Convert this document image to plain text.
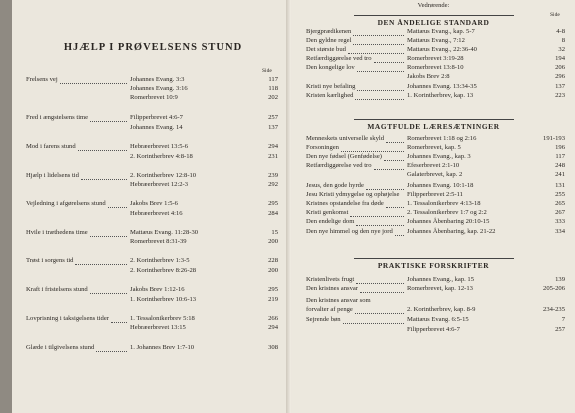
HJÆLP I PRØVELSENS STUND
Side
Frelsens vej	Johannes Evang. 3:3	117
Johannes Evang. 3:16	118
Romerbrevet 10:9	202
Fred i ængstelsens time	Filipperbrevet 4:6-7	257
Johannes Evang. 14	137
Mod i farens stund	Hebræerbrevet 13:5-6	294
2. Korintherbrev 4:8-18	231
Hjælp i lidelsens tid	2. Korintherbrev 12:8-10	239
Hebræerbrevet 12:2-3	292
Vejledning i afgørelsens stund	Jakobs Brev 1:5-6	295
Hebræerbrevet 4:16	284
Hvile i træthedens time	Mattæus Evang. 11:28-30	15
Romerbrevet 8:31-39	200
Trøst i sorgens tid	2. Korintherbrev 1:3-5	228
2. Korintherbrev 8:26-28	200
Kraft i fristelsens stund	Jakobs Brev 1:12-16	295
1. Korintherbrev 10:6-13	219
Lovprisning i taksigelsens tider	1. Tessalonikerbrev 5:18	266
Hebræerbrevet 13:15	294
Glæde i tilgivelsens stund	1. Johannes Brev 1:7-10	308
Vedrørende:
Side
DEN ÅNDELIGE STANDARD
Bjergprædikenen	Mattæus Evang., kap. 5-7	4-8
Den gyldne regel	Mattæus Evang., 7:12	8
Det største bud	Mattæus Evang., 22:36-40	32
Retfærdiggørelse ved tro	Romerbrevet 3:19-28	194
Den kongelige lov	Romerbrevet 13:8-10	206
Jakobs Brev 2:8	296
Kristi nye befaling	Johannes Evang. 13:34-35	137
Kristen kærlighed	1. Korintherbrev, kap. 13	223
MAGTFULDE LÆRESÆTNINGER
Menneskets universelle skyld	Romerbrevet 1:18 og 2:16	191-193
Forsoningen	Romerbrevet, kap. 5	196
Den nye fødsel (Genfødelse)	Johannes Evang., kap. 3	117
Retfærdiggørelse ved tro	Efeserbrevet 2:1-10	248
Galaterbrevet, kap. 2	241
Jesus, den gode hyrde	Johannes Evang. 10:1-18	131
Jesu Kristi ydmygelse og ophøjelse Filipperbrevet 2:5-11	255
Kristnes opstandelse fra døde	1. Tessalonikerbrev 4:13-18	265
Kristi genkomst	2. Tessalonikerbrev 1:7 og 2:2	267
Den endelige dom	Johannes Åbenbaring 20:10-15	333
Den nye himmel og den nye jord Johannes Åbenbaring, kap. 21-22	334
PRAKTISKE FORSKRIFTER
Kristenlivets frugt	Johannes Evang., kap. 15	139
Den kristnes ansvar	Romerbrevet, kap. 12-13	205-206
Den kristnes ansvar som
forvalter af penge	2. Korintherbrev, kap. 8-9	234-235
Sejrende bøn	Mattæus Evang. 6:5-15	7
Filipperbrevet 4:6-7	257
